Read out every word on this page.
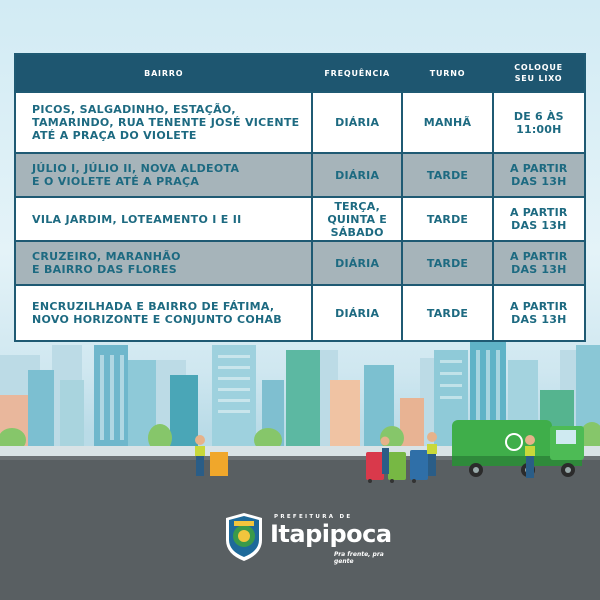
BAIRRO	FREQUÊNCIA	TURNO	COLOQUE
SEU LIXO
PICOS, SALGADINHO, ESTAÇÃO,
TAMARINDO, RUA TENENTE JOSÉ VICENTE
ATÉ A PRAÇA DO VIOLETE	DIÁRIA	MANHÃ	DE 6 ÀS
11:00H
JÚLIO I, JÚLIO II, NOVA ALDEOTA
E O VIOLETE ATÉ A PRAÇA	DIÁRIA	TARDE	A PARTIR
DAS 13H
VILA JARDIM, LOTEAMENTO I E II	TERÇA,
QUINTA E
SÁBADO	TARDE	A PARTIR
DAS 13H
CRUZEIRO, MARANHÃO
E BAIRRO DAS FLORES	DIÁRIA	TARDE	A PARTIR
DAS 13H
ENCRUZILHADA E BAIRRO DE FÁTIMA,
NOVO HORIZONTE E CONJUNTO COHAB	DIÁRIA	TARDE	A PARTIR
DAS 13H
PREFEITURA DE
Itapipoca
Pra frente, pra gente
